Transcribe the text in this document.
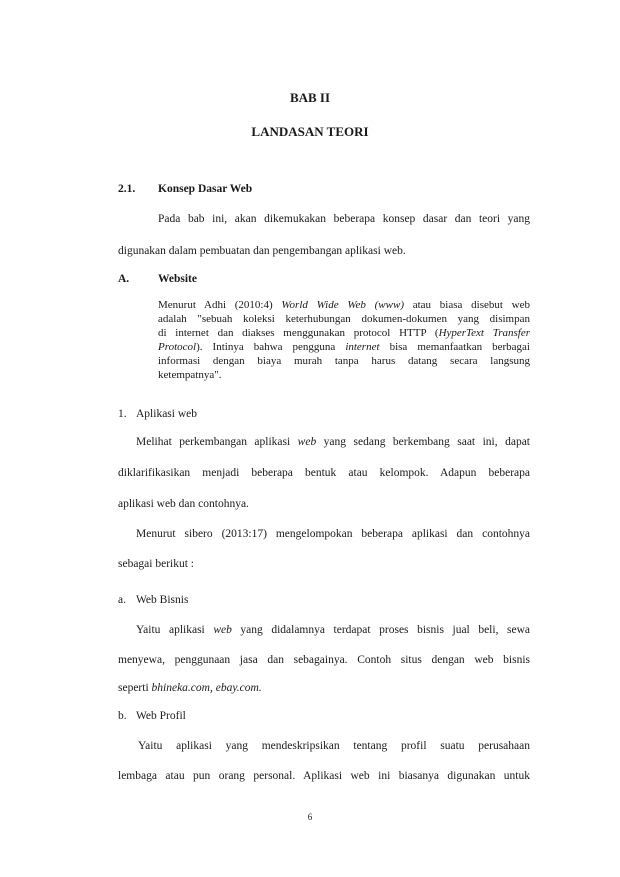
BAB II
LANDASAN TEORI
2.1. Konsep Dasar Web
Pada bab ini, akan dikemukakan beberapa konsep dasar dan teori yang
digunakan dalam pembuatan dan pengembangan aplikasi web.
A.	Website
Menurut Adhi (2010:4) World Wide Web (www) atau biasa disebut web
adalah "sebuah koleksi keterhubungan dokumen-dokumen yang disimpan
di internet dan diakses menggunakan protocol HTTP (HyperText Transfer
Protocol). Intinya bahwa pengguna internet bisa memanfaatkan berbagai
informasi dengan biaya murah tanpa harus datang secara langsung
ketempatnya".
1. Aplikasi web
Melihat perkembangan aplikasi web yang sedang berkembang saat ini, dapat
diklarifikasikan menjadi beberapa bentuk atau kelompok. Adapun beberapa
aplikasi web dan contohnya.
Menurut sibero (2013:17) mengelompokan beberapa aplikasi dan contohnya
sebagai berikut :
a. Web Bisnis
Yaitu aplikasi web yang didalamnya terdapat proses bisnis jual beli, sewa
menyewa, penggunaan jasa dan sebagainya. Contoh situs dengan web bisnis
seperti bhineka.com, ebay.com.
b. Web Profil
Yaitu aplikasi yang mendeskripsikan tentang profil suatu perusahaan
lembaga atau pun orang personal. Aplikasi web ini biasanya digunakan untuk
6
